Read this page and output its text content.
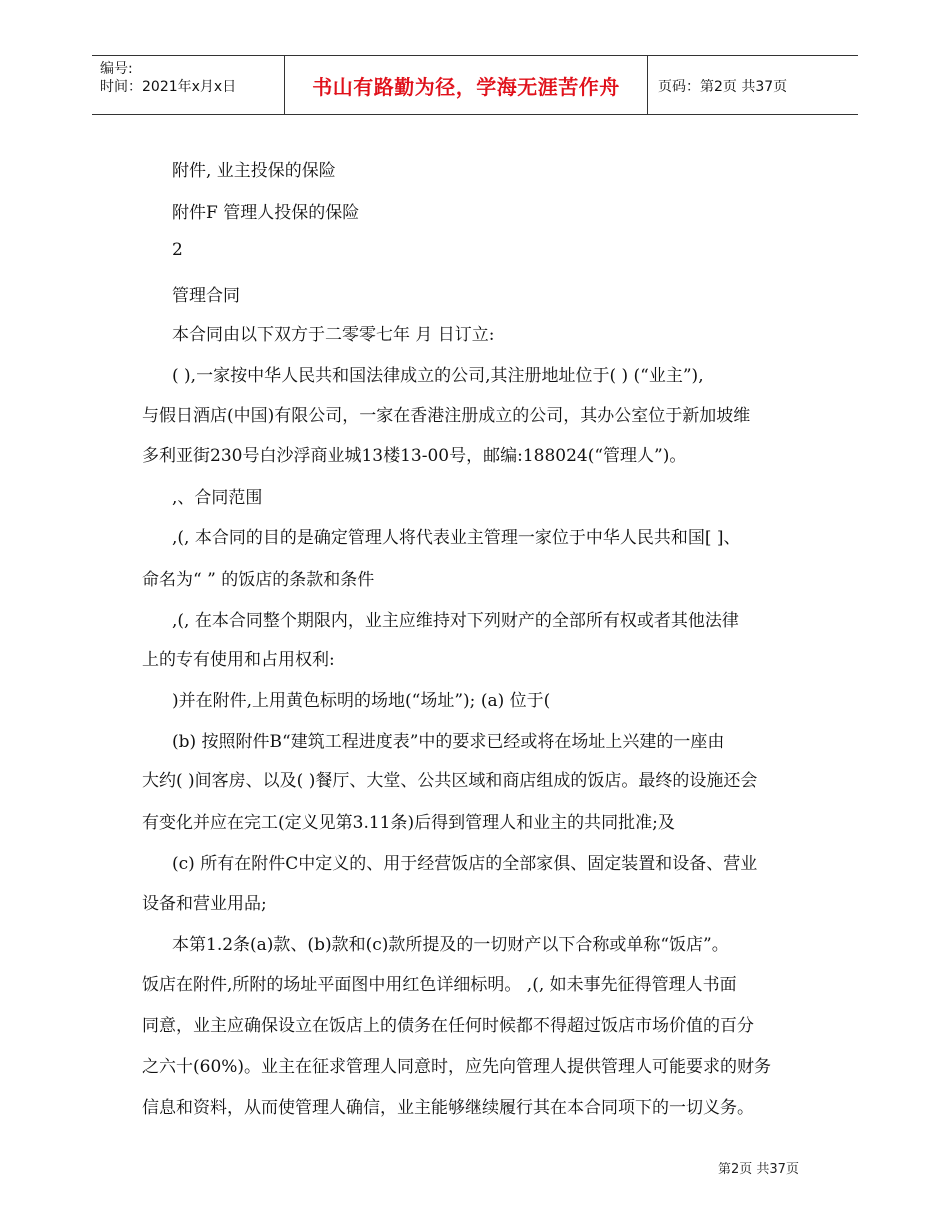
编号:
时间：2021年x月x日	书山有路勤为径，学海无涯苦作舟	页码：第2页 共37页
附件, 业主投保的保险
附件F 管理人投保的保险
2
管理合同
本合同由以下双方于二零零七年 月 日订立:
( ),一家按中华人民共和国法律成立的公司,其注册地址位于( ) (“业主”),
与假日酒店(中国)有限公司，一家在香港注册成立的公司，其办公室位于新加坡维
多利亚街230号白沙浮商业城13楼13-00号，邮编:188024(“管理人”)。
,、合同范围
,(, 本合同的目的是确定管理人将代表业主管理一家位于中华人民共和国[ ]、
命名为“ ” 的饭店的条款和条件
,(, 在本合同整个期限内，业主应维持对下列财产的全部所有权或者其他法律
上的专有使用和占用权利:
)并在附件,上用黄色标明的场地(“场址”); (a) 位于(
(b) 按照附件B“建筑工程进度表”中的要求已经或将在场址上兴建的一座由
大约( )间客房、以及( )餐厅、大堂、公共区域和商店组成的饭店。最终的设施还会
有变化并应在完工(定义见第3.11条)后得到管理人和业主的共同批准;及
(c) 所有在附件C中定义的、用于经营饭店的全部家俱、固定装置和设备、营业
设备和营业用品;
本第1.2条(a)款、(b)款和(c)款所提及的一切财产以下合称或单称“饭店”。
饭店在附件,所附的场址平面图中用红色详细标明。 ,(, 如未事先征得管理人书面
同意，业主应确保设立在饭店上的债务在任何时候都不得超过饭店市场价值的百分
之六十(60%)。业主在征求管理人同意时，应先向管理人提供管理人可能要求的财务
信息和资料，从而使管理人确信，业主能够继续履行其在本合同项下的一切义务。
第2页 共37页
